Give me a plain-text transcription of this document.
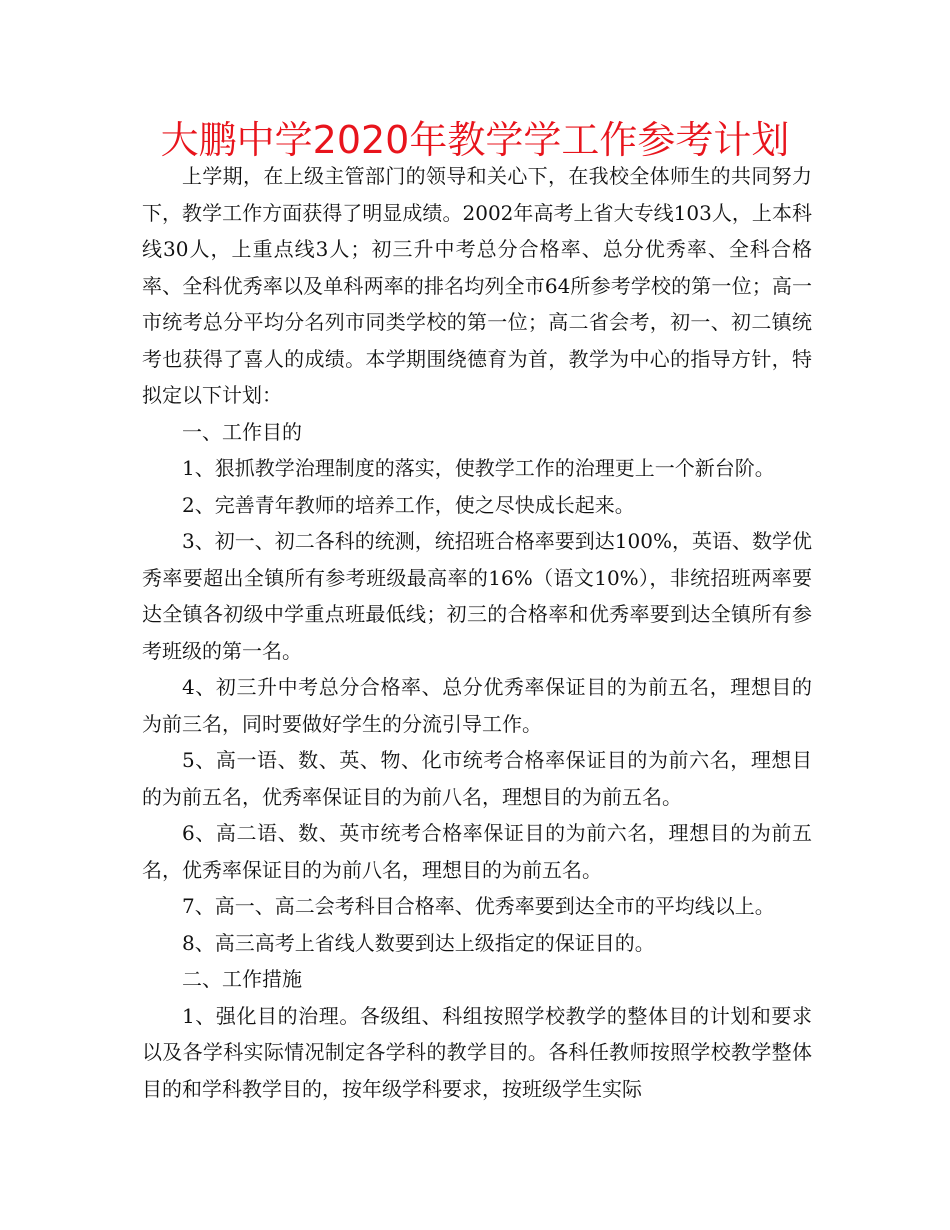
大鹏中学2020年教学学工作参考计划

上学期，在上级主管部门的领导和关心下，在我校全体师生的共同努力下，教学工作方面获得了明显成绩。2002年高考上省大专线103人，上本科线30人，上重点线3人；初三升中考总分合格率、总分优秀率、全科合格率、全科优秀率以及单科两率的排名均列全市64所参考学校的第一位；高一市统考总分平均分名列市同类学校的第一位；高二省会考，初一、初二镇统考也获得了喜人的成绩。本学期围绕德育为首，教学为中心的指导方针，特拟定以下计划：

一、工作目的

1、狠抓教学治理制度的落实，使教学工作的治理更上一个新台阶。

2、完善青年教师的培养工作，使之尽快成长起来。

3、初一、初二各科的统测，统招班合格率要到达100%，英语、数学优秀率要超出全镇所有参考班级最高率的16%（语文10%），非统招班两率要达全镇各初级中学重点班最低线；初三的合格率和优秀率要到达全镇所有参考班级的第一名。

4、初三升中考总分合格率、总分优秀率保证目的为前五名，理想目的为前三名，同时要做好学生的分流引导工作。

5、高一语、数、英、物、化市统考合格率保证目的为前六名，理想目的为前五名，优秀率保证目的为前八名，理想目的为前五名。

6、高二语、数、英市统考合格率保证目的为前六名，理想目的为前五名，优秀率保证目的为前八名，理想目的为前五名。

7、高一、高二会考科目合格率、优秀率要到达全市的平均线以上。

8、高三高考上省线人数要到达上级指定的保证目的。

二、工作措施

1、强化目的治理。各级组、科组按照学校教学的整体目的计划和要求以及各学科实际情况制定各学科的教学目的。各科任教师按照学校教学整体目的和学科教学目的，按年级学科要求，按班级学生实际
